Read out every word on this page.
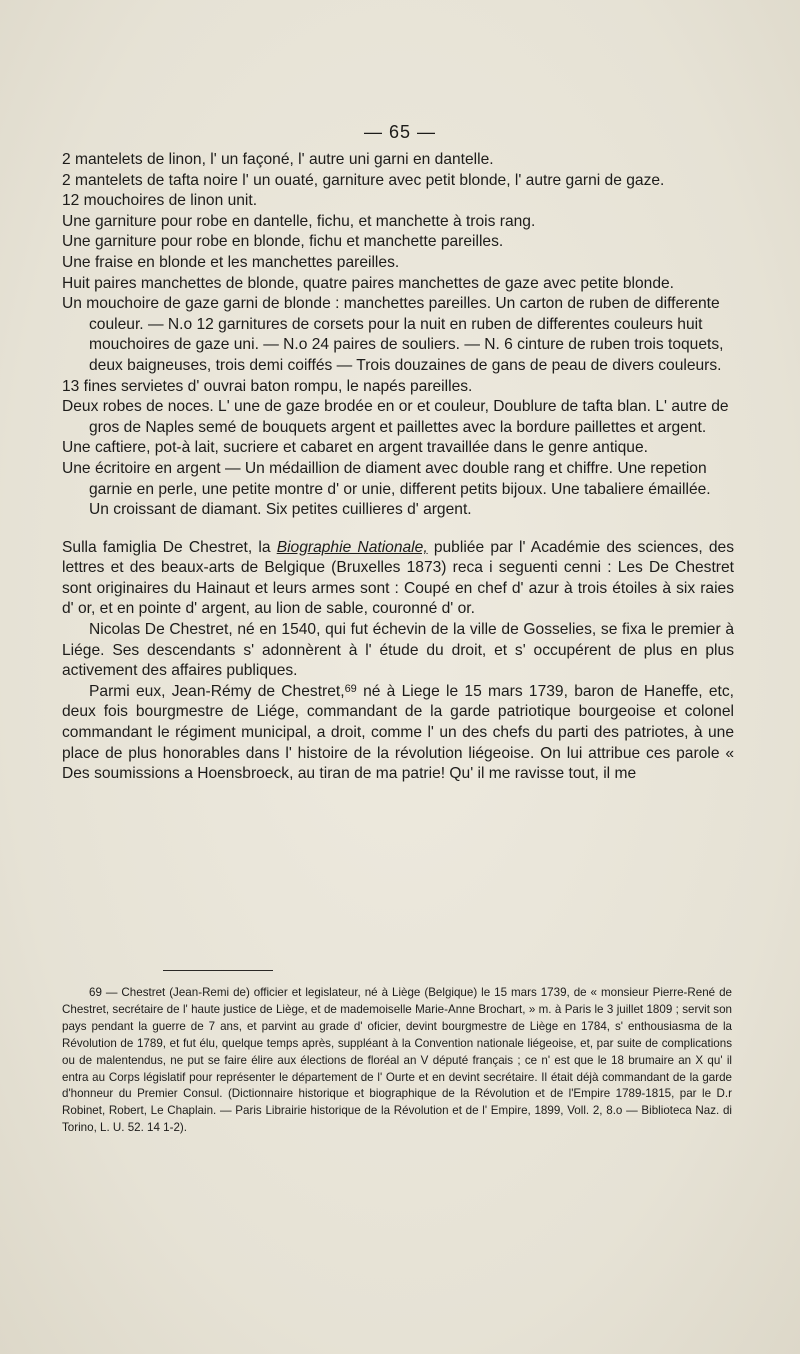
— 65 —

2 mantelets de linon, l' un façoné, l' autre uni garni en dantelle.

2 mantelets de tafta noire l' un ouaté, garniture avec petit blonde, l' autre garni de gaze.

12 mouchoires de linon unit.

Une garniture pour robe en dantelle, fichu, et manchette à trois rang.

Une garniture pour robe en blonde, fichu et manchette pareilles.

Une fraise en blonde et les manchettes pareilles.

Huit paires manchettes de blonde, quatre paires manchettes de gaze avec petite blonde.

Un mouchoire de gaze garni de blonde : manchettes pareilles. Un carton de ruben de differente couleur. — N.o 12 garnitures de corsets pour la nuit en ruben de differentes couleurs huit mouchoires de gaze uni. — N.o 24 paires de souliers. — N. 6 cinture de ruben trois toquets, deux baigneuses, trois demi coiffés — Trois douzaines de gans de peau de divers couleurs.

13 fines servietes d' ouvrai baton rompu, le napés pareilles.

Deux robes de noces. L' une de gaze brodée en or et couleur, Doublure de tafta blan. L' autre de gros de Naples semé de bouquets argent et paillettes avec la bordure paillettes et argent.

Une caftiere, pot-à lait, sucriere et cabaret en argent travaillée dans le genre antique.

Une écritoire en argent — Un médaillion de diament avec double rang et chiffre. Une repetion garnie en perle, une petite montre d' or unie, different petits bijoux. Une tabaliere émaillée. Un croissant de diamant. Six petites cuillieres d' argent.

Sulla famiglia De Chestret, la Biographie Nationale, publiée par l' Académie des sciences, des lettres et des beaux-arts de Belgique (Bruxelles 1873) reca i seguenti cenni : Les De Chestret sont originaires du Hainaut et leurs armes sont : Coupé en chef d' azur à trois étoiles à six raies d' or, et en pointe d' argent, au lion de sable, couronné d' or.

Nicolas De Chestret, né en 1540, qui fut échevin de la ville de Gosselies, se fixa le premier à Liége. Ses descendants s' adonnèrent à l' étude du droit, et s' occupérent de plus en plus activement des affaires publiques.

Parmi eux, Jean-Rémy de Chestret,$^{69}$ né à Liege le 15 mars 1739, baron de Haneffe, etc, deux fois bourgmestre de Liége, commandant de la garde patriotique bourgeoise et colonel commandant le régiment municipal, a droit, comme l' un des chefs du parti des patriotes, à une place de plus honorables dans l' histoire de la révolution liégeoise. On lui attribue ces parole « Des soumissions a Hoensbroeck, au tiran de ma patrie! Qu' il me ravisse tout, il me

69 — Chestret (Jean-Remi de) officier et legislateur, né à Liège (Belgique) le 15 mars 1739, de « monsieur Pierre-René de Chestret, secrétaire de l' haute justice de Liège, et de mademoiselle Marie-Anne Brochart, » m. à Paris le 3 juillet 1809 ; servit son pays pendant la guerre de 7 ans, et parvint au grade d' oficier, devint bourgmestre de Liège en 1784, s' enthousiasma de la Révolution de 1789, et fut élu, quelque temps après, suppléant à la Convention nationale liégeoise, et, par suite de complications ou de malentendus, ne put se faire élire aux élections de floréal an V député français ; ce n' est que le 18 brumaire an X qu' il entra au Corps législatif pour représenter le département de l' Ourte et en devint secrétaire. Il était déjà commandant de la garde d'honneur du Premier Consul. (Dictionnaire historique et biographique de la Révolution et de l'Empire 1789-1815, par le D.r Robinet, Robert, Le Chaplain. — Paris Librairie historique de la Révolution et de l' Empire, 1899, Voll. 2, 8.o — Biblioteca Naz. di Torino, L. U. 52. 14 1-2).
